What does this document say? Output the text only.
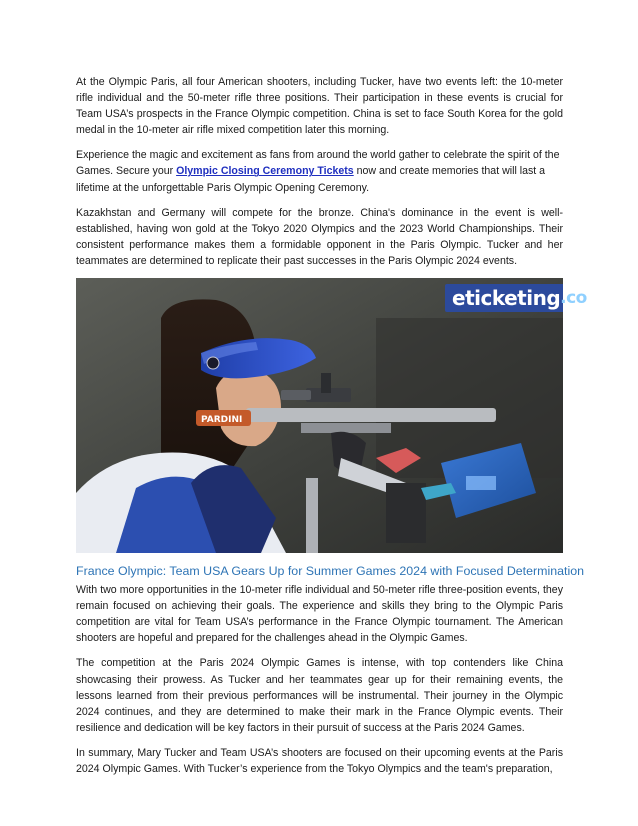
At the Olympic Paris, all four American shooters, including Tucker, have two events left: the 10-meter rifle individual and the 50-meter rifle three positions. Their participation in these events is crucial for Team USA’s prospects in the France Olympic competition. China is set to face South Korea for the gold medal in the 10-meter air rifle mixed competition later this morning.

Experience the magic and excitement as fans from around the world gather to celebrate the spirit of the Games. Secure your Olympic Closing Ceremony Tickets now and create memories that will last a lifetime at the unforgettable Paris Olympic Opening Ceremony.

Kazakhstan and Germany will compete for the bronze. China's dominance in the event is well-established, having won gold at the Tokyo 2020 Olympics and the 2023 World Championships. Their consistent performance makes them a formidable opponent in the Paris Olympic. Tucker and her teammates are determined to replicate their past successes in the Paris Olympic 2024 events.

PARDINI
eticketing .co
France Olympic: Team USA Gears Up for Summer Games 2024 with Focused Determination

With two more opportunities in the 10-meter rifle individual and 50-meter rifle three-position events, they remain focused on achieving their goals. The experience and skills they bring to the Olympic Paris competition are vital for Team USA’s performance in the France Olympic tournament. The American shooters are hopeful and prepared for the challenges ahead in the Olympic Games.

The competition at the Paris 2024 Olympic Games is intense, with top contenders like China showcasing their prowess. As Tucker and her teammates gear up for their remaining events, the lessons learned from their previous performances will be instrumental. Their journey in the Olympic 2024 continues, and they are determined to make their mark in the France Olympic events. Their resilience and dedication will be key factors in their pursuit of success at the Paris 2024 Games.

In summary, Mary Tucker and Team USA’s shooters are focused on their upcoming events at the Paris 2024 Olympic Games. With Tucker’s experience from the Tokyo Olympics and the team's preparation,
